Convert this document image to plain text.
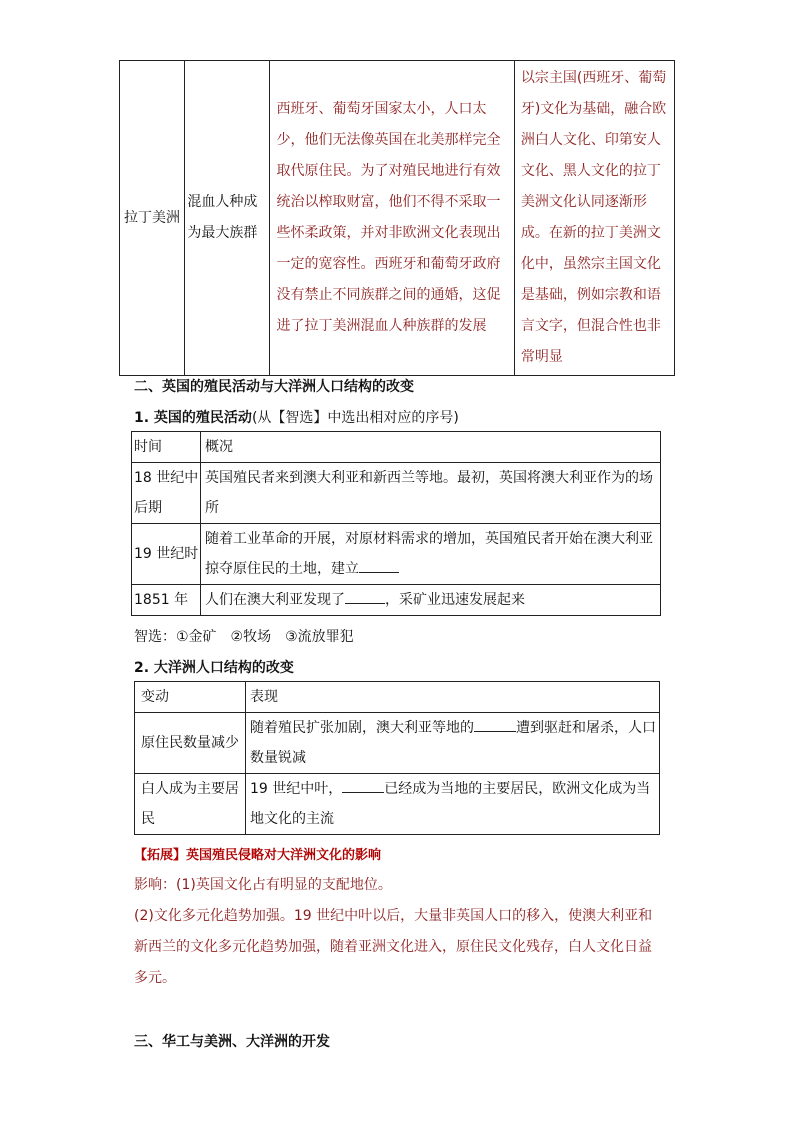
拉丁美洲	混血人种成为最大族群	西班牙、葡萄牙国家太小，人口太少，他们无法像英国在北美那样完全取代原住民。为了对殖民地进行有效统治以榨取财富，他们不得不采取一些怀柔政策，并对非欧洲文化表现出一定的宽容性。西班牙和葡萄牙政府没有禁止不同族群之间的通婚，这促进了拉丁美洲混血人种族群的发展	以宗主国(西班牙、葡萄牙)文化为基础，融合欧洲白人文化、印第安人文化、黑人文化的拉丁美洲文化认同逐渐形成。在新的拉丁美洲文化中，虽然宗主国文化是基础，例如宗教和语言文字，但混合性也非常明显
二、英国的殖民活动与大洋洲人口结构的改变
1. 英国的殖民活动(从【智选】中选出相对应的序号)
时间	概况
18 世纪中后期	英国殖民者来到澳大利亚和新西兰等地。最初，英国将澳大利亚作为的场所
19 世纪时	随着工业革命的开展，对原材料需求的增加，英国殖民者开始在澳大利亚掠夺原住民的土地，建立
1851 年	人们在澳大利亚发现了 ，采矿业迅速发展起来
智选：①金矿　②牧场　③流放罪犯
2. 大洋洲人口结构的改变
变动	表现
原住民数量减少	随着殖民扩张加剧，澳大利亚等地的 遭到驱赶和屠杀，人口数量锐减
白人成为主要居民	19 世纪中叶， 已经成为当地的主要居民，欧洲文化成为当地文化的主流
【拓展】英国殖民侵略对大洋洲文化的影响
影响：(1)英国文化占有明显的支配地位。
(2)文化多元化趋势加强。19 世纪中叶以后，大量非英国人口的移入，使澳大利亚和新西兰的文化多元化趋势加强，随着亚洲文化进入，原住民文化残存，白人文化日益多元。
三、华工与美洲、大洋洲的开发
